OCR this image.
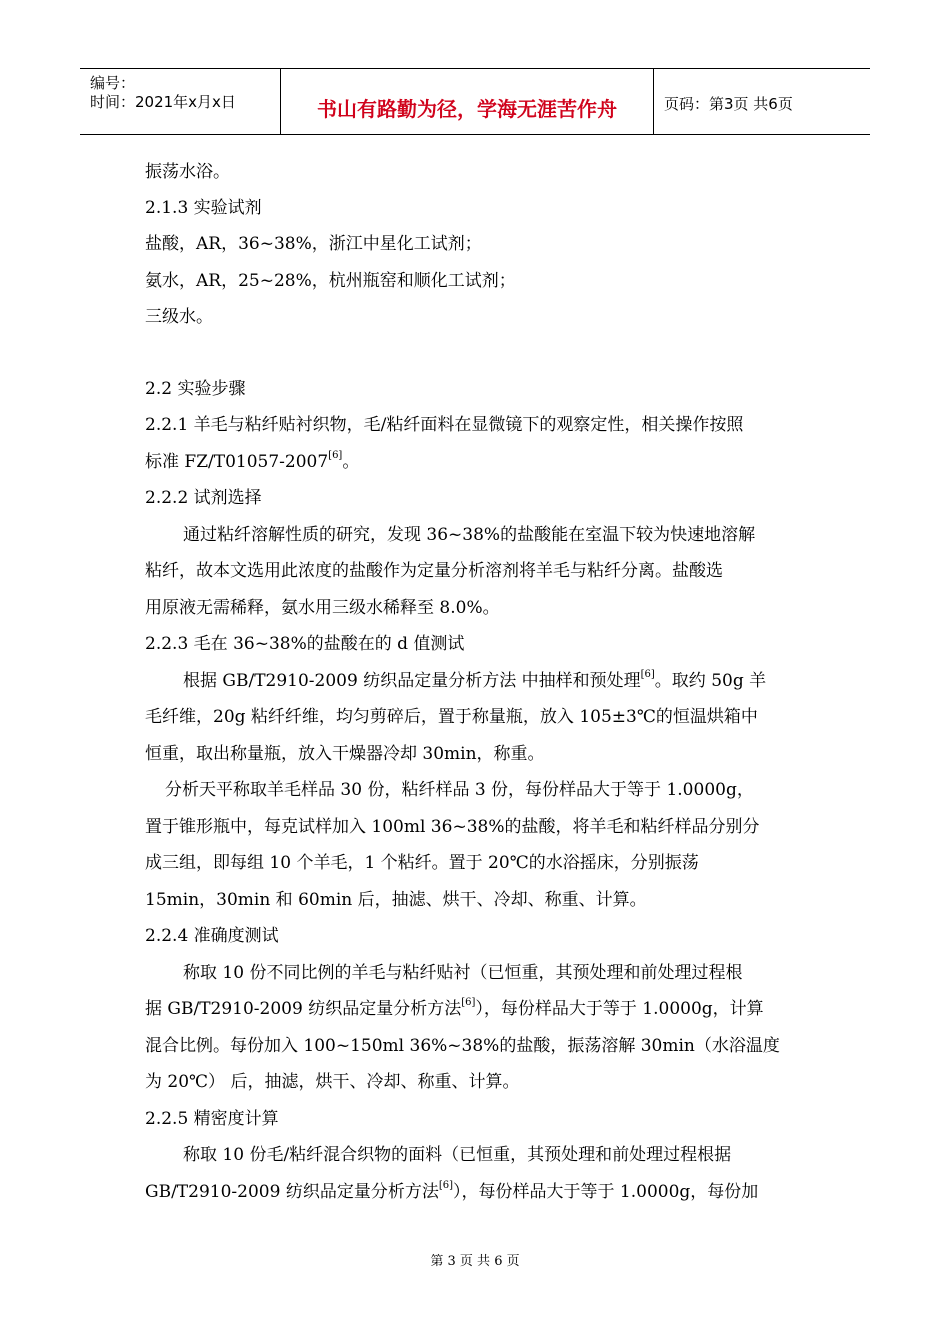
编号：
时间：2021年x月x日	书山有路勤为径，学海无涯苦作舟	页码：第3页 共6页
振荡水浴。
2.1.3 实验试剂
盐酸，AR，36~38%，浙江中星化工试剂；
氨水，AR，25~28%，杭州瓶窑和顺化工试剂；
三级水。
2.2 实验步骤
2.2.1 羊毛与粘纤贴衬织物，毛/粘纤面料在显微镜下的观察定性，相关操作按照
标准 FZ/T01057-2007[6]。
2.2.2 试剂选择
通过粘纤溶解性质的研究，发现 36~38%的盐酸能在室温下较为快速地溶解
粘纤，故本文选用此浓度的盐酸作为定量分析溶剂将羊毛与粘纤分离。盐酸选
用原液无需稀释，氨水用三级水稀释至 8.0%。
2.2.3 毛在 36~38%的盐酸在的 d 值测试
根据 GB/T2910-2009 纺织品定量分析方法 中抽样和预处理[6]。取约 50g 羊
毛纤维，20g 粘纤纤维，均匀剪碎后，置于称量瓶，放入 105±3℃的恒温烘箱中
恒重，取出称量瓶，放入干燥器冷却 30min，称重。
分析天平称取羊毛样品 30 份，粘纤样品 3 份，每份样品大于等于 1.0000g，
置于锥形瓶中，每克试样加入 100ml 36~38%的盐酸，将羊毛和粘纤样品分别分
成三组，即每组 10 个羊毛，1 个粘纤。置于 20℃的水浴摇床，分别振荡
15min，30min 和 60min 后，抽滤、烘干、冷却、称重、计算。
2.2.4 准确度测试
称取 10 份不同比例的羊毛与粘纤贴衬（已恒重，其预处理和前处理过程根
据 GB/T2910-2009 纺织品定量分析方法[6]），每份样品大于等于 1.0000g，计算
混合比例。每份加入 100~150ml 36%~38%的盐酸，振荡溶解 30min（水浴温度
为 20℃） 后，抽滤，烘干、冷却、称重、计算。
2.2.5 精密度计算
称取 10 份毛/粘纤混合织物的面料（已恒重，其预处理和前处理过程根据
GB/T2910-2009 纺织品定量分析方法[6]），每份样品大于等于 1.0000g，每份加
第 3 页 共 6 页
